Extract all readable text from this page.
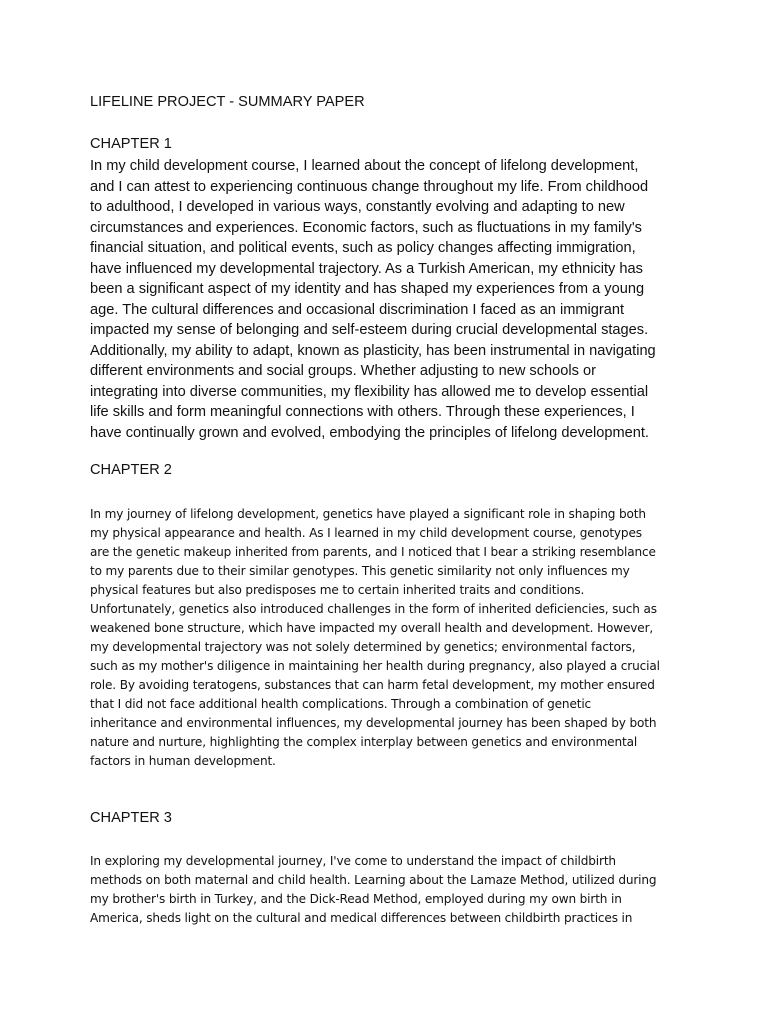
LIFELINE PROJECT - SUMMARY PAPER
CHAPTER 1
In my child development course, I learned about the concept of lifelong development,
and I can attest to experiencing continuous change throughout my life. From childhood
to adulthood, I developed in various ways, constantly evolving and adapting to new
circumstances and experiences. Economic factors, such as fluctuations in my family's
financial situation, and political events, such as policy changes affecting immigration,
have influenced my developmental trajectory. As a Turkish American, my ethnicity has
been a significant aspect of my identity and has shaped my experiences from a young
age. The cultural differences and occasional discrimination I faced as an immigrant
impacted my sense of belonging and self-esteem during crucial developmental stages.
Additionally, my ability to adapt, known as plasticity, has been instrumental in navigating
different environments and social groups. Whether adjusting to new schools or
integrating into diverse communities, my flexibility has allowed me to develop essential
life skills and form meaningful connections with others. Through these experiences, I
have continually grown and evolved, embodying the principles of lifelong development.
CHAPTER 2
In my journey of lifelong development, genetics have played a significant role in shaping both
my physical appearance and health. As I learned in my child development course, genotypes
are the genetic makeup inherited from parents, and I noticed that I bear a striking resemblance
to my parents due to their similar genotypes. This genetic similarity not only influences my
physical features but also predisposes me to certain inherited traits and conditions.
Unfortunately, genetics also introduced challenges in the form of inherited deficiencies, such as
weakened bone structure, which have impacted my overall health and development. However,
my developmental trajectory was not solely determined by genetics; environmental factors,
such as my mother's diligence in maintaining her health during pregnancy, also played a crucial
role. By avoiding teratogens, substances that can harm fetal development, my mother ensured
that I did not face additional health complications. Through a combination of genetic
inheritance and environmental influences, my developmental journey has been shaped by both
nature and nurture, highlighting the complex interplay between genetics and environmental
factors in human development.
CHAPTER 3
In exploring my developmental journey, I've come to understand the impact of childbirth
methods on both maternal and child health. Learning about the Lamaze Method, utilized during
my brother's birth in Turkey, and the Dick-Read Method, employed during my own birth in
America, sheds light on the cultural and medical differences between childbirth practices in
